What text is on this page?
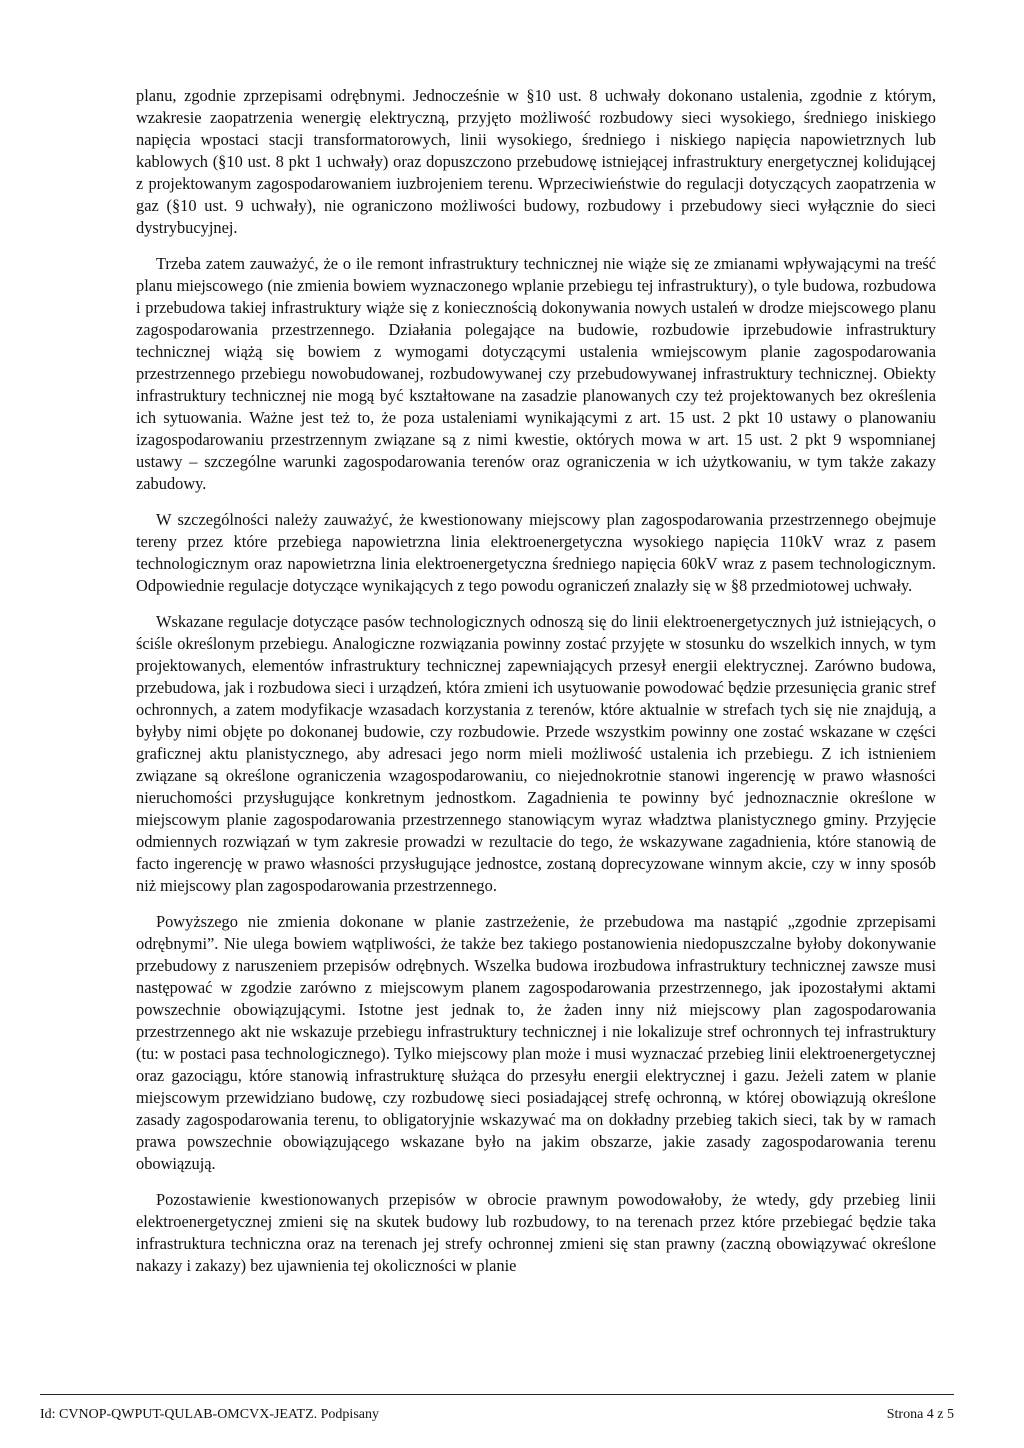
planu, zgodnie zprzepisami odrębnymi. Jednocześnie w §10 ust. 8 uchwały dokonano ustalenia, zgodnie z którym, wzakresie zaopatrzenia wenergię elektryczną, przyjęto możliwość rozbudowy sieci wysokiego, średniego iniskiego napięcia wpostaci stacji transformatorowych, linii wysokiego, średniego i niskiego napięcia napowietrznych lub kablowych (§10 ust. 8 pkt 1 uchwały) oraz dopuszczono przebudowę istniejącej infrastruktury energetycznej kolidującej z projektowanym zagospodarowaniem iuzbrojeniem terenu. Wprzeciwieństwie do regulacji dotyczących zaopatrzenia w gaz (§10 ust. 9 uchwały), nie ograniczono możliwości budowy, rozbudowy i przebudowy sieci wyłącznie do sieci dystrybucyjnej.

Trzeba zatem zauważyć, że o ile remont infrastruktury technicznej nie wiąże się ze zmianami wpływającymi na treść planu miejscowego (nie zmienia bowiem wyznaczonego wplanie przebiegu tej infrastruktury), o tyle budowa, rozbudowa i przebudowa takiej infrastruktury wiąże się z koniecznością dokonywania nowych ustaleń w drodze miejscowego planu zagospodarowania przestrzennego. Działania polegające na budowie, rozbudowie iprzebudowie infrastruktury technicznej wiążą się bowiem z wymogami dotyczącymi ustalenia wmiejscowym planie zagospodarowania przestrzennego przebiegu nowobudowanej, rozbudowywanej czy przebudowywanej infrastruktury technicznej. Obiekty infrastruktury technicznej nie mogą być kształtowane na zasadzie planowanych czy też projektowanych bez określenia ich sytuowania. Ważne jest też to, że poza ustaleniami wynikającymi z art. 15 ust. 2 pkt 10 ustawy o planowaniu izagospodarowaniu przestrzennym związane są z nimi kwestie, októrych mowa w art. 15 ust. 2 pkt 9 wspomnianej ustawy – szczególne warunki zagospodarowania terenów oraz ograniczenia w ich użytkowaniu, w tym także zakazy zabudowy.

W szczególności należy zauważyć, że kwestionowany miejscowy plan zagospodarowania przestrzennego obejmuje tereny przez które przebiega napowietrzna linia elektroenergetyczna wysokiego napięcia 110kV wraz z pasem technologicznym oraz napowietrzna linia elektroenergetyczna średniego napięcia 60kV wraz z pasem technologicznym. Odpowiednie regulacje dotyczące wynikających z tego powodu ograniczeń znalazły się w §8 przedmiotowej uchwały.

Wskazane regulacje dotyczące pasów technologicznych odnoszą się do linii elektroenergetycznych już istniejących, o ściśle określonym przebiegu. Analogiczne rozwiązania powinny zostać przyjęte w stosunku do wszelkich innych, w tym projektowanych, elementów infrastruktury technicznej zapewniających przesył energii elektrycznej. Zarówno budowa, przebudowa, jak i rozbudowa sieci i urządzeń, która zmieni ich usytuowanie powodować będzie przesunięcia granic stref ochronnych, a zatem modyfikacje wzasadach korzystania z terenów, które aktualnie w strefach tych się nie znajdują, a byłyby nimi objęte po dokonanej budowie, czy rozbudowie. Przede wszystkim powinny one zostać wskazane w części graficznej aktu planistycznego, aby adresaci jego norm mieli możliwość ustalenia ich przebiegu. Z ich istnieniem związane są określone ograniczenia wzagospodarowaniu, co niejednokrotnie stanowi ingerencję w prawo własności nieruchomości przysługujące konkretnym jednostkom. Zagadnienia te powinny być jednoznacznie określone w miejscowym planie zagospodarowania przestrzennego stanowiącym wyraz władztwa planistycznego gminy. Przyjęcie odmiennych rozwiązań w tym zakresie prowadzi w rezultacie do tego, że wskazywane zagadnienia, które stanowią de facto ingerencję w prawo własności przysługujące jednostce, zostaną doprecyzowane winnym akcie, czy w inny sposób niż miejscowy plan zagospodarowania przestrzennego.

Powyższego nie zmienia dokonane w planie zastrzeżenie, że przebudowa ma nastąpić „zgodnie zprzepisami odrębnymi”. Nie ulega bowiem wątpliwości, że także bez takiego postanowienia niedopuszczalne byłoby dokonywanie przebudowy z naruszeniem przepisów odrębnych. Wszelka budowa irozbudowa infrastruktury technicznej zawsze musi następować w zgodzie zarówno z miejscowym planem zagospodarowania przestrzennego, jak ipozostałymi aktami powszechnie obowiązującymi. Istotne jest jednak to, że żaden inny niż miejscowy plan zagospodarowania przestrzennego akt nie wskazuje przebiegu infrastruktury technicznej i nie lokalizuje stref ochronnych tej infrastruktury (tu: w postaci pasa technologicznego). Tylko miejscowy plan może i musi wyznaczać przebieg linii elektroenergetycznej oraz gazociągu, które stanowią infrastrukturę służąca do przesyłu energii elektrycznej i gazu. Jeżeli zatem w planie miejscowym przewidziano budowę, czy rozbudowę sieci posiadającej strefę ochronną, w której obowiązują określone zasady zagospodarowania terenu, to obligatoryjnie wskazywać ma on dokładny przebieg takich sieci, tak by w ramach prawa powszechnie obowiązującego wskazane było na jakim obszarze, jakie zasady zagospodarowania terenu obowiązują.

Pozostawienie kwestionowanych przepisów w obrocie prawnym powodowałoby, że wtedy, gdy przebieg linii elektroenergetycznej zmieni się na skutek budowy lub rozbudowy, to na terenach przez które przebiegać będzie taka infrastruktura techniczna oraz na terenach jej strefy ochronnej zmieni się stan prawny (zaczną obowiązywać określone nakazy i zakazy) bez ujawnienia tej okoliczności w planie

Id: CVNOP-QWPUT-QULAB-OMCVX-JEATZ. Podpisany	Strona 4 z 5
